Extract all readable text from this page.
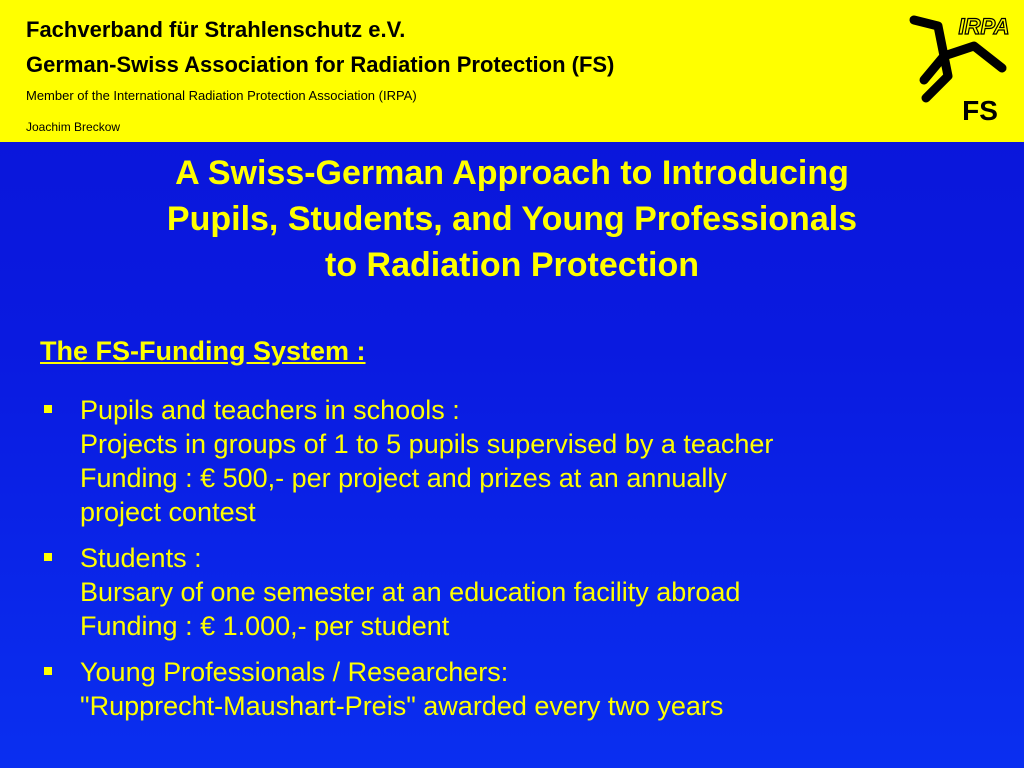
Fachverband für Strahlenschutz e.V.
German-Swiss Association for Radiation Protection (FS)
Member of the International Radiation Protection Association (IRPA)
Joachim Breckow
IRPA
FS
A Swiss-German Approach to Introducing
Pupils, Students, and Young Professionals
to Radiation Protection
The FS-Funding System :
Pupils and teachers in schools :
Projects in groups of 1 to 5 pupils supervised by a teacher
Funding : € 500,- per project and prizes at an annually
project contest
Students :
Bursary of one semester at an education facility abroad
Funding : € 1.000,- per student
Young Professionals / Researchers:
"Rupprecht-Maushart-Preis" awarded every two years
